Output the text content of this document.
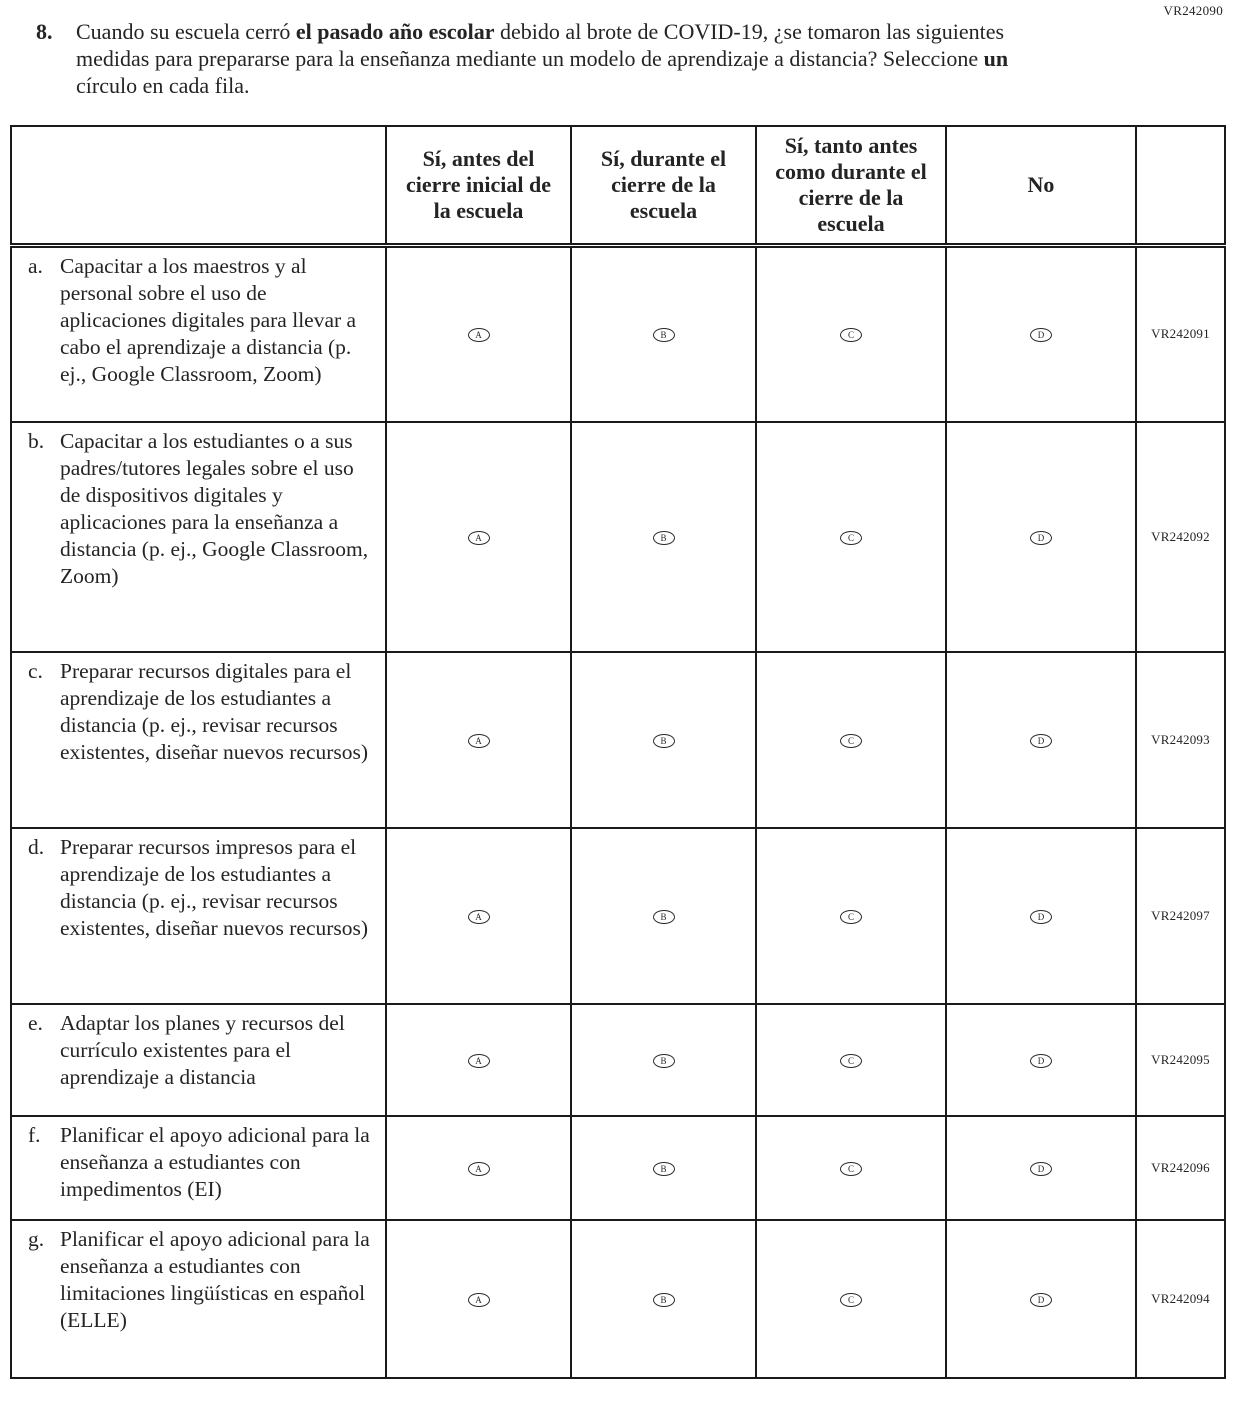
VR242090
8.	Cuando su escuela cerró el pasado año escolar debido al brote de COVID-19, ¿se tomaron las siguientes medidas para prepararse para la enseñanza mediante un modelo de aprendizaje a distancia? Seleccione un círculo en cada fila.
	Sí, antes del cierre inicial de la escuela	Sí, durante el cierre de la escuela	Sí, tanto antes como durante el cierre de la escuela	No	

a. Capacitar a los maestros y al personal sobre el uso de aplicaciones digitales para llevar a cabo el aprendizaje a distancia (p. ej., Google Classroom, Zoom)	A	B	C	D	VR242091

b. Capacitar a los estudiantes o a sus padres/tutores legales sobre el uso de dispositivos digitales y aplicaciones para la enseñanza a distancia (p. ej., Google Classroom, Zoom)	A	B	C	D	VR242092

c. Preparar recursos digitales para el aprendizaje de los estudiantes a distancia (p. ej., revisar recursos existentes, diseñar nuevos recursos)	A	B	C	D	VR242093

d. Preparar recursos impresos para el aprendizaje de los estudiantes a distancia (p. ej., revisar recursos existentes, diseñar nuevos recursos)	A	B	C	D	VR242097

e. Adaptar los planes y recursos del currículo existentes para el aprendizaje a distancia	A	B	C	D	VR242095

f. Planificar el apoyo adicional para la enseñanza a estudiantes con impedimentos (EI)	A	B	C	D	VR242096

g. Planificar el apoyo adicional para la enseñanza a estudiantes con limitaciones lingüísticas en español (ELLE)	A	B	C	D	VR242094
